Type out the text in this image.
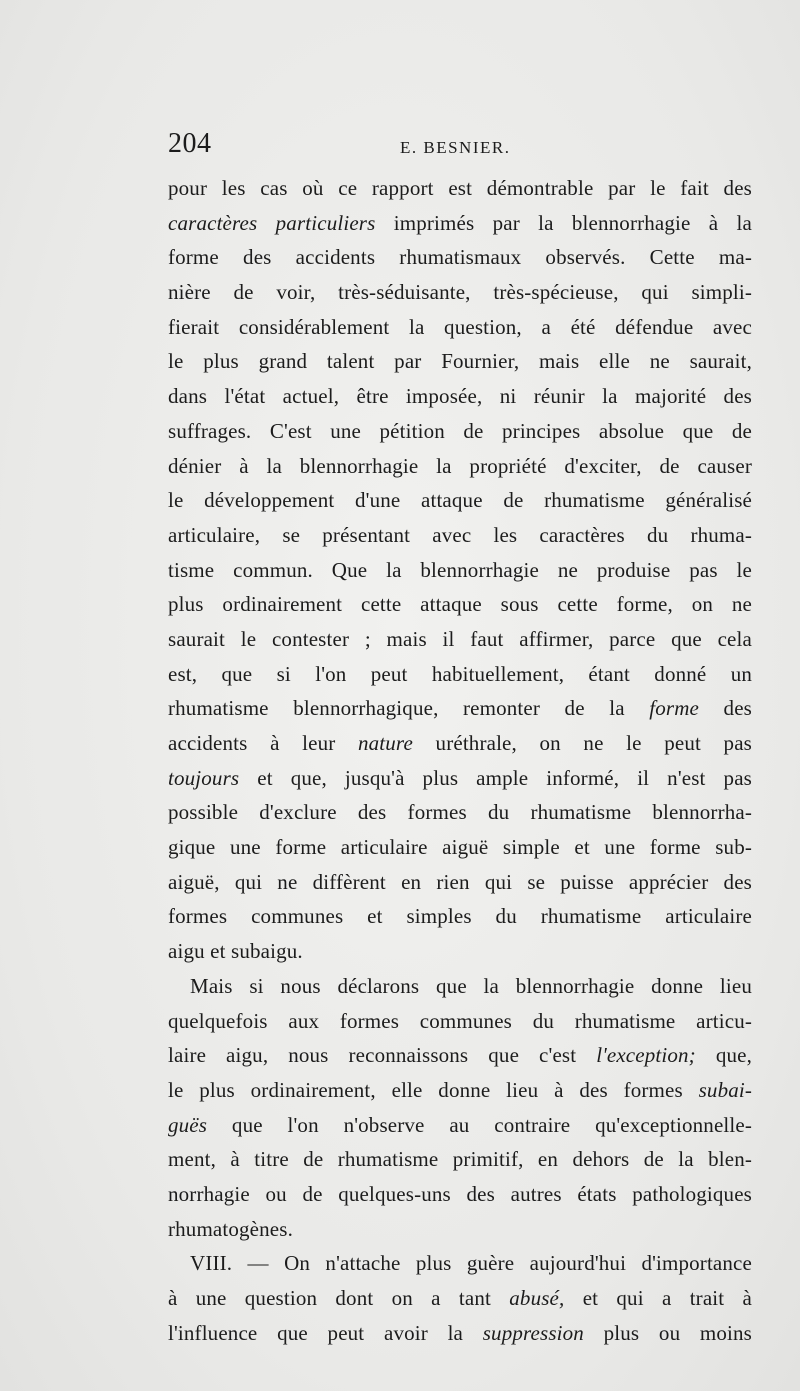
204	E. BESNIER.
pour les cas où ce rapport est démontrable par le fait des
caractères particuliers imprimés par la blennorrhagie à la
forme des accidents rhumatismaux observés. Cette ma-
nière de voir, très-séduisante, très-spécieuse, qui simpli-
fierait considérablement la question, a été défendue avec
le plus grand talent par Fournier, mais elle ne saurait,
dans l'état actuel, être imposée, ni réunir la majorité des
suffrages. C'est une pétition de principes absolue que de
dénier à la blennorrhagie la propriété d'exciter, de causer
le développement d'une attaque de rhumatisme généralisé
articulaire, se présentant avec les caractères du rhuma-
tisme commun. Que la blennorrhagie ne produise pas le
plus ordinairement cette attaque sous cette forme, on ne
saurait le contester ; mais il faut affirmer, parce que cela
est, que si l'on peut habituellement, étant donné un
rhumatisme blennorrhagique, remonter de la forme des
accidents à leur nature uréthrale, on ne le peut pas
toujours et que, jusqu'à plus ample informé, il n'est pas
possible d'exclure des formes du rhumatisme blennorrha-
gique une forme articulaire aiguë simple et une forme sub-
aiguë, qui ne diffèrent en rien qui se puisse apprécier des
formes communes et simples du rhumatisme articulaire
aigu et subaigu.
Mais si nous déclarons que la blennorrhagie donne lieu
quelquefois aux formes communes du rhumatisme articu-
laire aigu, nous reconnaissons que c'est l'exception; que,
le plus ordinairement, elle donne lieu à des formes subai-
guës que l'on n'observe au contraire qu'exceptionnelle-
ment, à titre de rhumatisme primitif, en dehors de la blen-
norrhagie ou de quelques-uns des autres états pathologiques
rhumatogènes.
VIII. — On n'attache plus guère aujourd'hui d'importance
à une question dont on a tant abusé, et qui a trait à
l'influence que peut avoir la suppression plus ou moins
